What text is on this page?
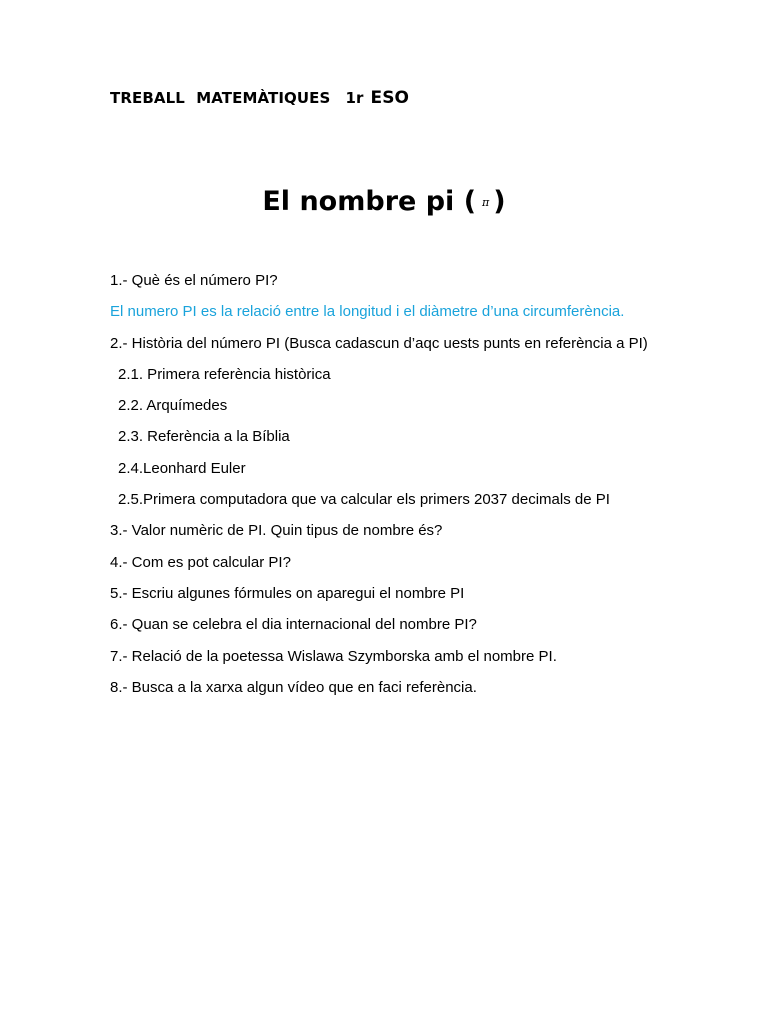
TREBALL MATEMÀTIQUES 1r ESO
El nombre pi ( π )

1.- Què és el número PI?

El numero PI es la relació entre la longitud i el diàmetre d’una circumferència.

2.- Història del número PI (Busca cadascun d’aqc uests punts en referència a PI)

2.1. Primera referència històrica

2.2. Arquímedes

2.3. Referència a la Bíblia

2.4.Leonhard Euler

2.5.Primera computadora que va calcular els primers 2037 decimals de PI

3.- Valor numèric de PI. Quin tipus de nombre és?

4.- Com es pot calcular PI?

5.- Escriu algunes fórmules on aparegui el nombre PI

6.- Quan se celebra el dia internacional del nombre PI?

7.- Relació de la poetessa Wislawa Szymborska amb el nombre PI.

8.- Busca a la xarxa algun vídeo que en faci referència.
